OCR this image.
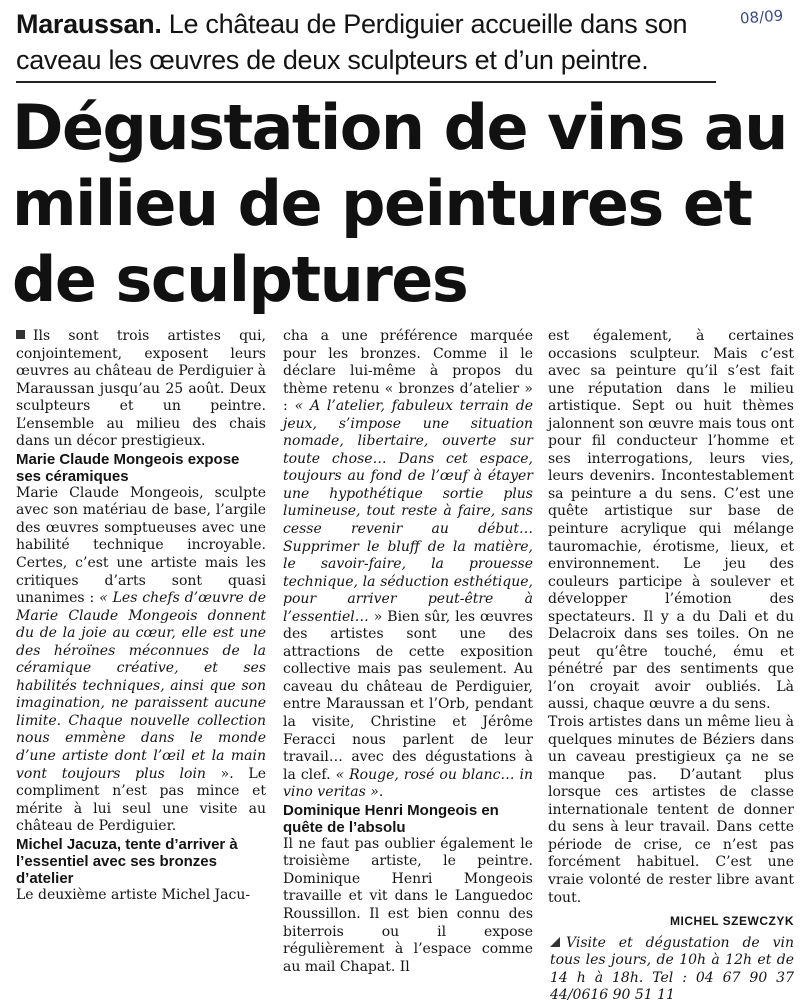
Maraussan. Le château de Perdiguier accueille dans son caveau les œuvres de deux sculpteurs et d’un peintre.
08/09
Dégustation de vins au milieu de peintures et de sculptures

Ils sont trois artistes qui, conjointement, exposent leurs œuvres au château de Perdiguier à Maraussan jusqu’au 25 août. Deux sculpteurs et un peintre. L’ensemble au milieu des chais dans un décor prestigieux.

Marie Claude Mongeois expose ses céramiques

Marie Claude Mongeois, sculpte avec son matériau de base, l’argile des œuvres somptueuses avec une habilité technique incroyable. Certes, c’est une artiste mais les critiques d’arts sont quasi unanimes : « Les chefs d’œuvre de Marie Claude Mongeois donnent du de la joie au cœur, elle est une des héroïnes méconnues de la céramique créative, et ses habilités techniques, ainsi que son imagination, ne paraissent aucune limite. Chaque nouvelle collection nous emmène dans le monde d’une artiste dont l’œil et la main vont toujours plus loin ». Le compliment n’est pas mince et mérite à lui seul une visite au château de Perdiguier.

Michel Jacuza, tente d’arriver à l’essentiel avec ses bronzes d’atelier

Le deuxième artiste Michel Jacu-

cha a une préférence marquée pour les bronzes. Comme il le déclare lui-même à propos du thème retenu « bronzes d’atelier » : « A l’atelier, fabuleux terrain de jeux, s’impose une situation nomade, libertaire, ouverte sur toute chose… Dans cet espace, toujours au fond de l’œuf à étayer une hypothétique sortie plus lumineuse, tout reste à faire, sans cesse revenir au début…Supprimer le bluff de la matière, le savoir-faire, la prouesse technique, la séduction esthétique, pour arriver peut-être à l’essentiel… » Bien sûr, les œuvres des artistes sont une des attractions de cette exposition collective mais pas seulement. Au caveau du château de Perdiguier, entre Maraussan et l’Orb, pendant la visite, Christine et Jérôme Feracci nous parlent de leur travail… avec des dégustations à la clef. « Rouge, rosé ou blanc… in vino veritas ».

Dominique Henri Mongeois en quête de l’absolu

Il ne faut pas oublier également le troisième artiste, le peintre. Dominique Henri Mongeois travaille et vit dans le Languedoc Roussillon. Il est bien connu des biterrois ou il expose régulièrement à l’espace comme au mail Chapat. Il

est également, à certaines occasions sculpteur. Mais c’est avec sa peinture qu’il s’est fait une réputation dans le milieu artistique. Sept ou huit thèmes jalonnent son œuvre mais tous ont pour fil conducteur l’homme et ses interrogations, leurs vies, leurs devenirs. Incontestablement sa peinture a du sens. C’est une quête artistique sur base de peinture acrylique qui mélange tauromachie, érotisme, lieux, et environnement. Le jeu des couleurs participe à soulever et développer l’émotion des spectateurs. Il y a du Dali et du Delacroix dans ses toiles. On ne peut qu’être touché, ému et pénétré par des sentiments que l’on croyait avoir oubliés. Là aussi, chaque œuvre a du sens.

Trois artistes dans un même lieu à quelques minutes de Béziers dans un caveau prestigieux ça ne se manque pas. D’autant plus lorsque ces artistes de classe internationale tentent de donner du sens à leur travail. Dans cette période de crise, ce n’est pas forcément habituel. C’est une vraie volonté de rester libre avant tout.

MICHEL SZEWCZYK
Visite et dégustation de vin tous les jours, de 10h à 12h et de 14 h à 18h. Tel : 04 67 90 37 44/0616 90 51 11
